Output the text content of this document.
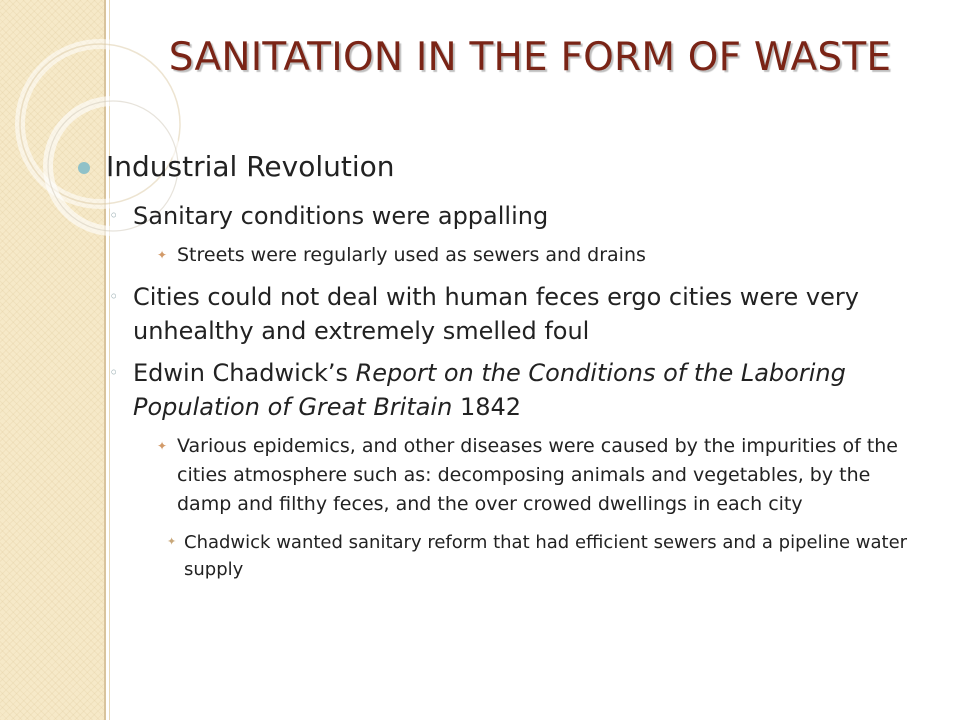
SANITATION IN THE FORM OF WASTE
Industrial Revolution
◦ Sanitary conditions were appalling
✦ Streets were regularly used as sewers and drains
◦ Cities could not deal with human feces ergo cities were very unhealthy and extremely smelled foul
◦ Edwin Chadwick’s Report on the Conditions of the Laboring Population of Great Britain 1842
✦ Various epidemics, and other diseases were caused by the impurities of the cities atmosphere such as: decomposing animals and vegetables, by the damp and filthy feces, and the over crowed dwellings in each city
✦ Chadwick wanted sanitary reform that had efficient sewers and a pipeline water supply
